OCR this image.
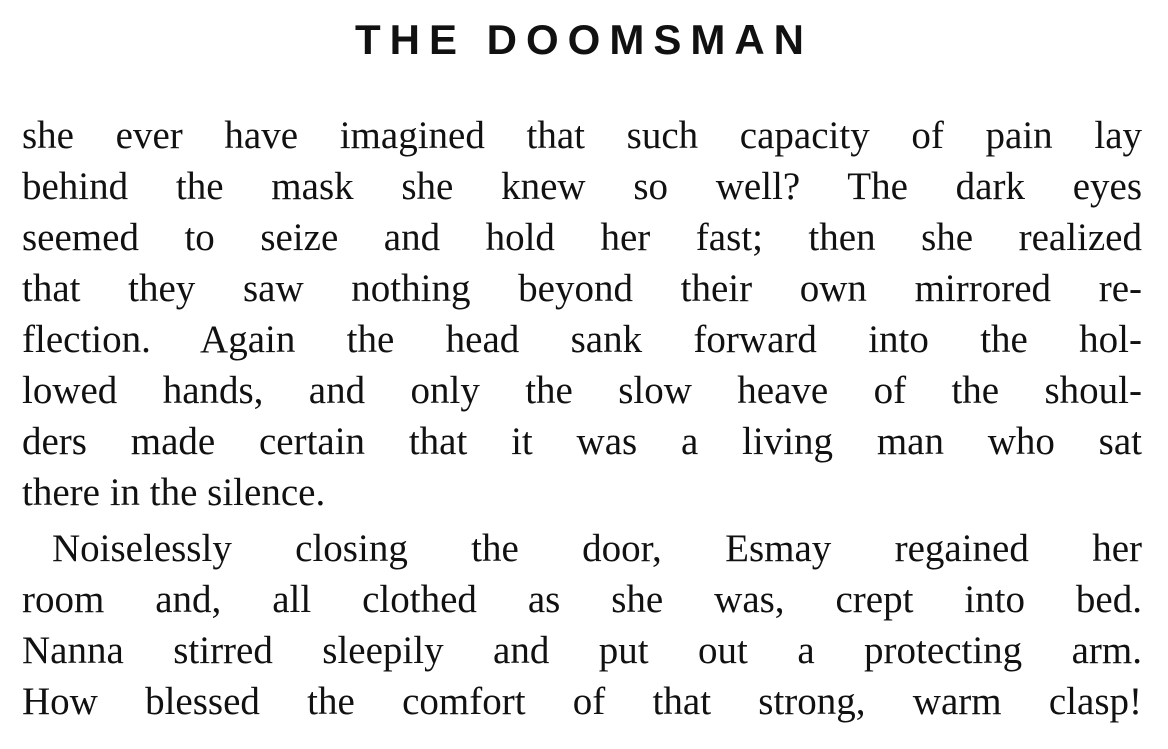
THE DOOMSMAN
she ever have imagined that such capacity of pain lay
behind the mask she knew so well? The dark eyes
seemed to seize and hold her fast; then she realized
that they saw nothing beyond their own mirrored re-
flection. Again the head sank forward into the hol-
lowed hands, and only the slow heave of the shoul-
ders made certain that it was a living man who sat
there in the silence.
Noiselessly closing the door, Esmay regained her
room and, all clothed as she was, crept into bed.
Nanna stirred sleepily and put out a protecting arm.
How blessed the comfort of that strong, warm clasp!
